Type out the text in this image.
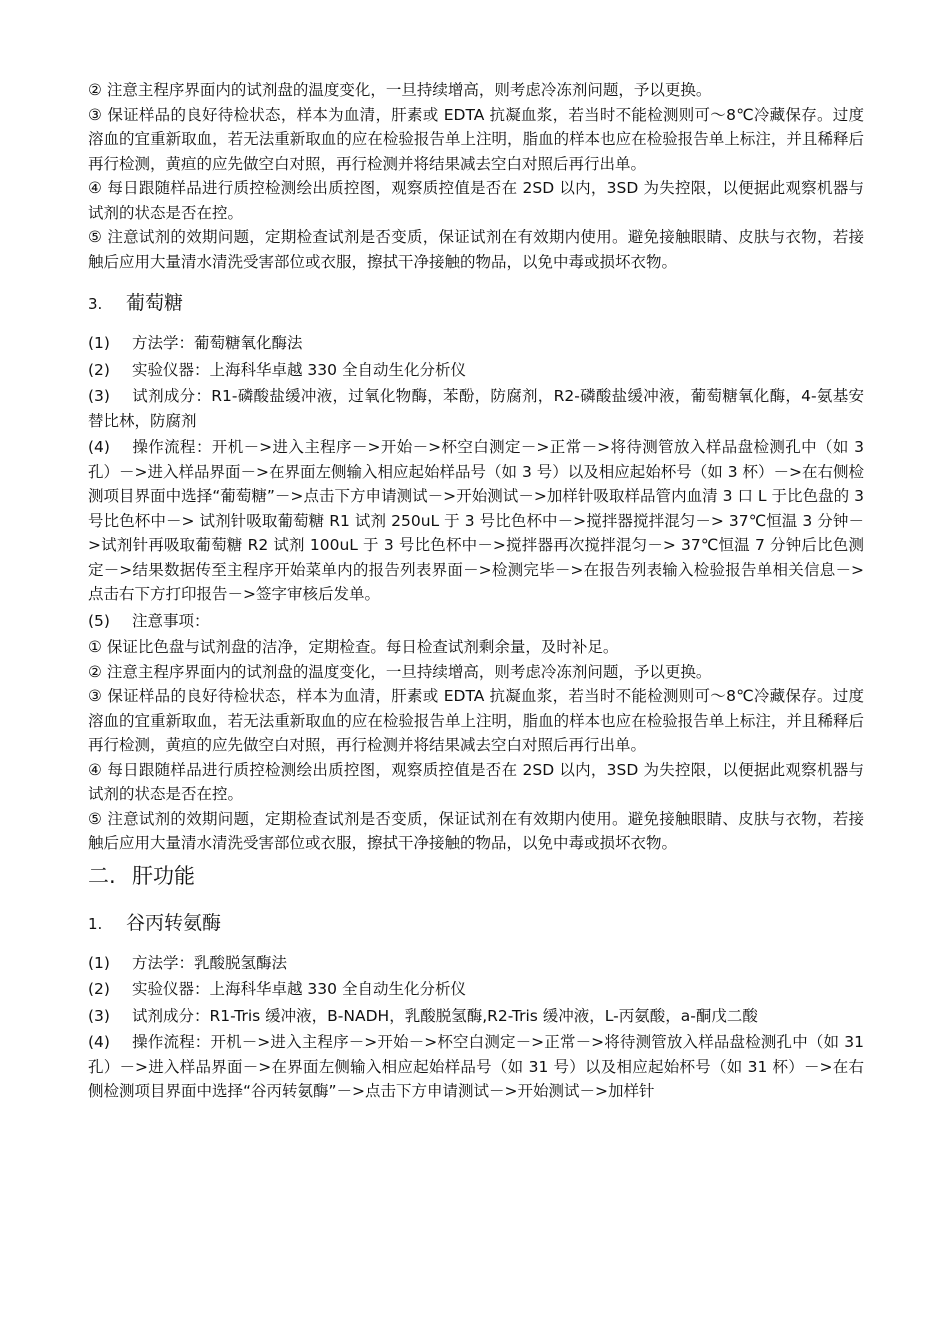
② 注意主程序界面内的试剂盘的温度变化，一旦持续增高，则考虑冷冻剂问题，予以更换。

③ 保证样品的良好待检状态，样本为血清，肝素或 EDTA 抗凝血浆，若当时不能检测则可～8℃冷藏保存。过度溶血的宜重新取血，若无法重新取血的应在检验报告单上注明，脂血的样本也应在检验报告单上标注，并且稀释后再行检测，黄疸的应先做空白对照，再行检测并将结果减去空白对照后再行出单。

④ 每日跟随样品进行质控检测绘出质控图，观察质控值是否在 2SD 以内，3SD 为失控限，以便据此观察机器与试剂的状态是否在控。

⑤ 注意试剂的效期问题，定期检查试剂是否变质，保证试剂在有效期内使用。避免接触眼睛、皮肤与衣物，若接触后应用大量清水清洗受害部位或衣服，擦拭干净接触的物品，以免中毒或损坏衣物。

3. 葡萄糖

(1) 方法学：葡萄糖氧化酶法

(2) 实验仪器：上海科华卓越 330 全自动生化分析仪

(3) 试剂成分：R1-磷酸盐缓冲液，过氧化物酶，苯酚，防腐剂，R2-磷酸盐缓冲液，葡萄糖氧化酶，4-氨基安替比林，防腐剂

(4) 操作流程：开机－>进入主程序－>开始－>杯空白测定－>正常－>将待测管放入样品盘检测孔中（如 3 孔）－>进入样品界面－>在界面左侧输入相应起始样品号（如 3 号）以及相应起始杯号（如 3 杯）－>在右侧检测项目界面中选择“葡萄糖”－>点击下方申请测试－>开始测试－>加样针吸取样品管内血清 3 口 L 于比色盘的 3 号比色杯中－> 试剂针吸取葡萄糖 R1 试剂 250uL 于 3 号比色杯中－>搅拌器搅拌混匀－> 37℃恒温 3 分钟－>试剂针再吸取葡萄糖 R2 试剂 100uL 于 3 号比色杯中－>搅拌器再次搅拌混匀－> 37℃恒温 7 分钟后比色测定－>结果数据传至主程序开始菜单内的报告列表界面－>检测完毕－>在报告列表输入检验报告单相关信息－>点击右下方打印报告－>签字审核后发单。

(5) 注意事项：

① 保证比色盘与试剂盘的洁净，定期检查。每日检查试剂剩余量，及时补足。

② 注意主程序界面内的试剂盘的温度变化，一旦持续增高，则考虑冷冻剂问题，予以更换。

③ 保证样品的良好待检状态，样本为血清，肝素或 EDTA 抗凝血浆，若当时不能检测则可～8℃冷藏保存。过度溶血的宜重新取血，若无法重新取血的应在检验报告单上注明，脂血的样本也应在检验报告单上标注，并且稀释后再行检测，黄疸的应先做空白对照，再行检测并将结果减去空白对照后再行出单。

④ 每日跟随样品进行质控检测绘出质控图，观察质控值是否在 2SD 以内，3SD 为失控限，以便据此观察机器与试剂的状态是否在控。

⑤ 注意试剂的效期问题，定期检查试剂是否变质，保证试剂在有效期内使用。避免接触眼睛、皮肤与衣物，若接触后应用大量清水清洗受害部位或衣服，擦拭干净接触的物品，以免中毒或损坏衣物。

二. 肝功能
1. 谷丙转氨酶

(1) 方法学：乳酸脱氢酶法

(2) 实验仪器：上海科华卓越 330 全自动生化分析仪

(3) 试剂成分：R1-Tris 缓冲液，B-NADH，乳酸脱氢酶,R2-Tris 缓冲液，L-丙氨酸，a-酮戊二酸

(4) 操作流程：开机－>进入主程序－>开始－>杯空白测定－>正常－>将待测管放入样品盘检测孔中（如 31 孔）－>进入样品界面－>在界面左侧输入相应起始样品号（如 31 号）以及相应起始杯号（如 31 杯）－>在右侧检测项目界面中选择“谷丙转氨酶”－>点击下方申请测试－>开始测试－>加样针
